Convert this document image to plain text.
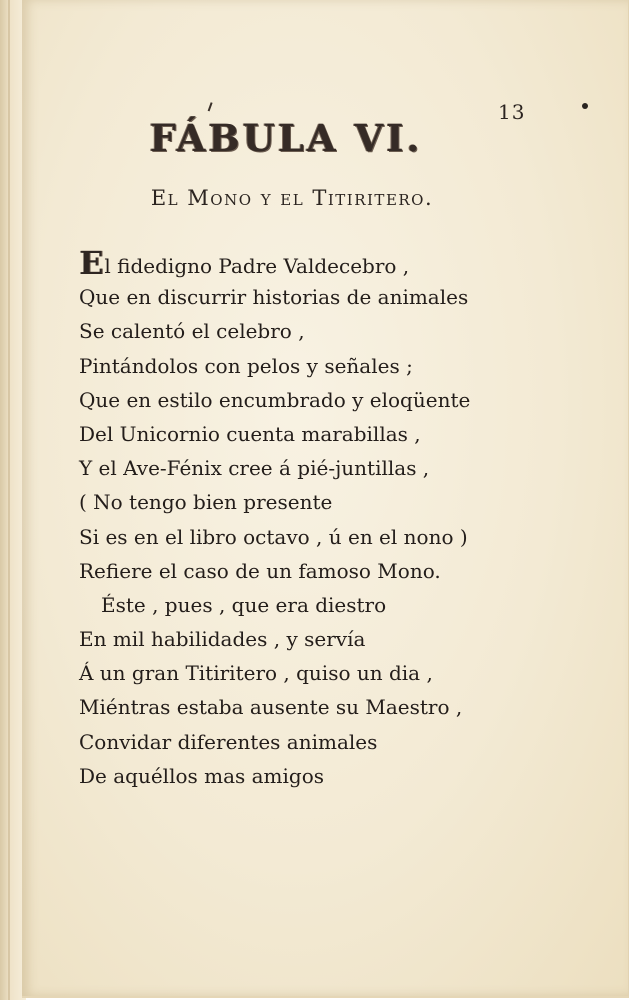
13
FÁBULA VI.
El Mono y el Titiritero.
El fidedigno Padre Valdecebro ,
Que en discurrir historias de animales
Se calentó el celebro ,
Pintándolos con pelos y señales ;
Que en estilo encumbrado y eloqüente
Del Unicornio cuenta marabillas ,
Y el Ave-Fénix cree á pié-juntillas ,
( No tengo bien presente
Si es en el libro octavo , ú en el nono )
Refiere el caso de un famoso Mono.
Éste , pues , que era diestro
En mil habilidades , y servía
Á un gran Titiritero , quiso un dia ,
Miéntras estaba ausente su Maestro ,
Convidar diferentes animales
De aquéllos mas amigos
